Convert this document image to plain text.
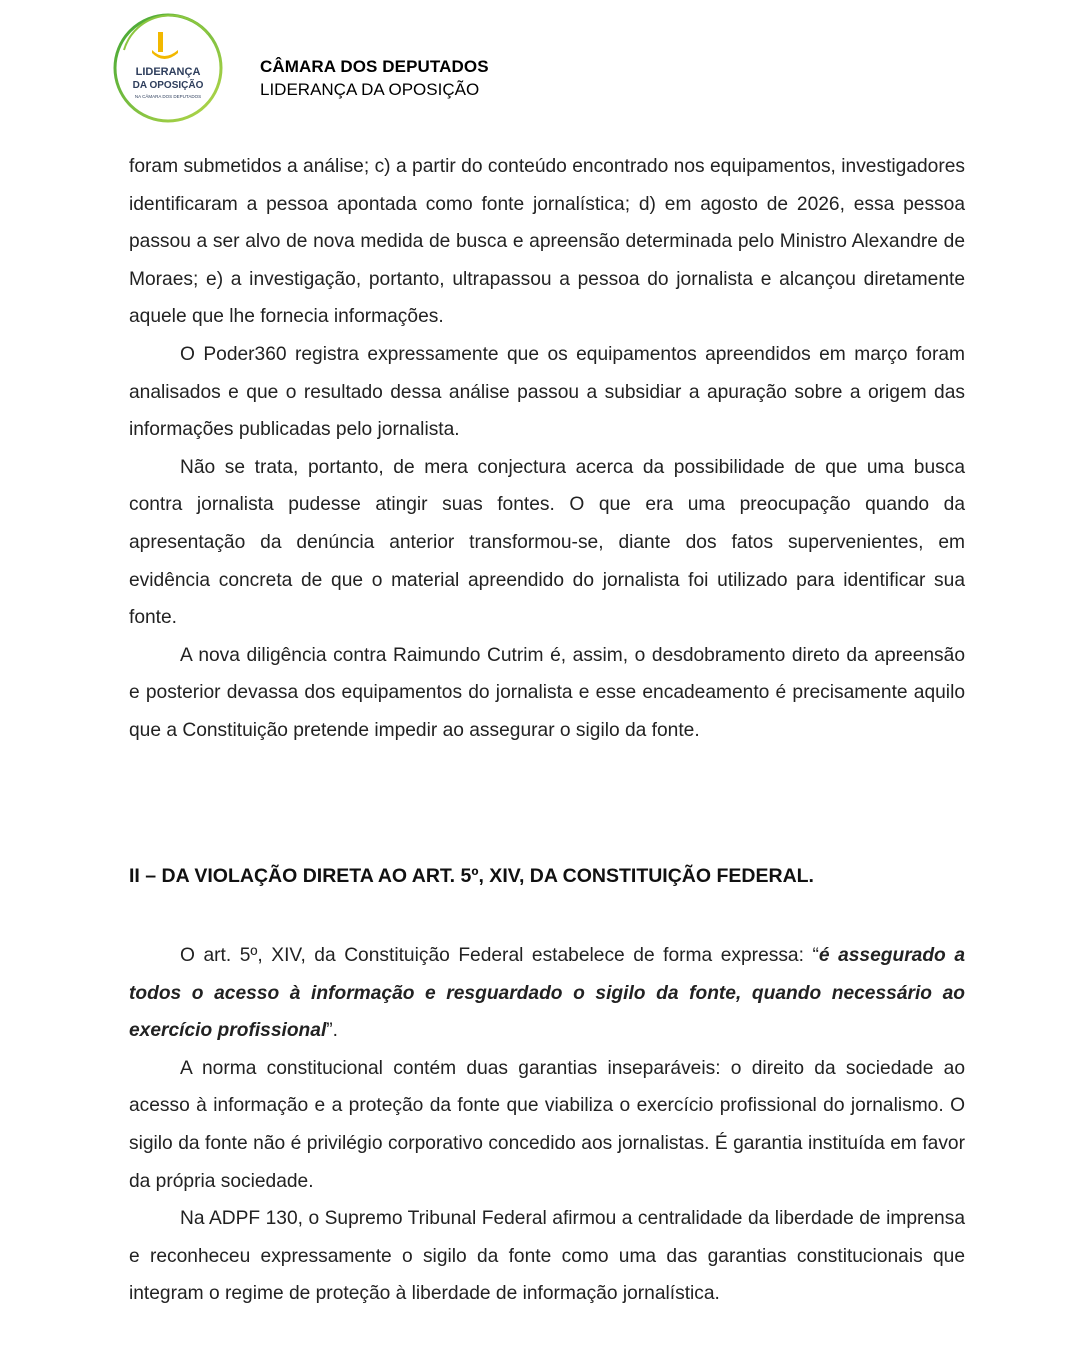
LIDERANÇA
DA OPOSIÇÃO
NA CÂMARA DOS DEPUTADOS
CÂMARA DOS DEPUTADOS
LIDERANÇA DA OPOSIÇÃO

foram submetidos a análise; c) a partir do conteúdo encontrado nos equipamentos, investigadores identificaram a pessoa apontada como fonte jornalística; d) em agosto de 2026, essa pessoa passou a ser alvo de nova medida de busca e apreensão determinada pelo Ministro Alexandre de Moraes; e) a investigação, portanto, ultrapassou a pessoa do jornalista e alcançou diretamente aquele que lhe fornecia informações.

O Poder360 registra expressamente que os equipamentos apreendidos em março foram analisados e que o resultado dessa análise passou a subsidiar a apuração sobre a origem das informações publicadas pelo jornalista.

Não se trata, portanto, de mera conjectura acerca da possibilidade de que uma busca contra jornalista pudesse atingir suas fontes. O que era uma preocupação quando da apresentação da denúncia anterior transformou-se, diante dos fatos supervenientes, em evidência concreta de que o material apreendido do jornalista foi utilizado para identificar sua fonte.

A nova diligência contra Raimundo Cutrim é, assim, o desdobramento direto da apreensão e posterior devassa dos equipamentos do jornalista e esse encadeamento é precisamente aquilo que a Constituição pretende impedir ao assegurar o sigilo da fonte.

II – DA VIOLAÇÃO DIRETA AO ART. 5º, XIV, DA CONSTITUIÇÃO FEDERAL.

O art. 5º, XIV, da Constituição Federal estabelece de forma expressa: “é assegurado a todos o acesso à informação e resguardado o sigilo da fonte, quando necessário ao exercício profissional”.

A norma constitucional contém duas garantias inseparáveis: o direito da sociedade ao acesso à informação e a proteção da fonte que viabiliza o exercício profissional do jornalismo. O sigilo da fonte não é privilégio corporativo concedido aos jornalistas. É garantia instituída em favor da própria sociedade.

Na ADPF 130, o Supremo Tribunal Federal afirmou a centralidade da liberdade de imprensa e reconheceu expressamente o sigilo da fonte como uma das garantias constitucionais que integram o regime de proteção à liberdade de informação jornalística.
